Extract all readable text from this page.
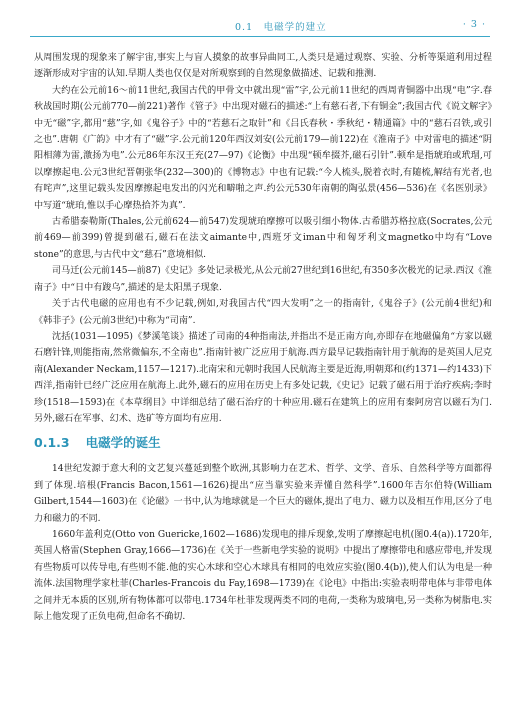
0.1　电磁学的建立	· 3 ·

从周围发现的现象来了解宇宙,事实上与盲人摸象的故事异曲同工,人类只是通过观察、实验、分析等渠道利用过程逐渐形成对宇宙的认知.早期人类也仅仅是对所观察到的自然现象做描述、记载和推测.

大约在公元前16～前11世纪,我国古代的甲骨文中就出现“雷”字,公元前11世纪的西周青铜器中出现“电”字.春秋战国时期(公元前770—前221)著作《管子》中出现对磁石的描述:“上有慈石者,下有铜金”;我国古代《说文解字》中无“磁”字,都用“慈”字,如《鬼谷子》中的“若慈石之取针”和《吕氏春秋・季秋纪・精通篇》中的“慈石召铁,或引之也”.唐朝《广韵》中才有了“磁”字.公元前120年西汉刘安(公元前179—前122)在《淮南子》中对雷电的描述“阴阳相薄为雷,激扬为电”.公元86年东汉王充(27—97)《论衡》中出现“顿牟掇芥,磁石引针”.顿牟是指琥珀或玳瑁,可以摩擦起电.公元3世纪晋朝张华(232—300)的《博物志》中也有记载:“今人梳头,脱着衣时,有随梳,解结有光者,也有咤声”,这里记载头发因摩擦起电发出的闪光和噼啪之声.约公元530年南朝的陶弘景(456—536)在《名医别录》中写道“琥珀,惟以手心摩热拾芥为真”.

古希腊泰勒斯(Thales,公元前624—前547)发现琥珀摩擦可以吸引细小物体.古希腊苏格拉底(Socrates,公元前469—前399)曾提到磁石,磁石在法文aimante中,西班牙文iman中和匈牙利文magnetko中均有“Love stone”的意思,与古代中文“慈石”意境相似.

司马迁(公元前145—前87)《史记》多处记录极光,从公元前27世纪到16世纪,有350多次极光的记录.西汉《淮南子》中“日中有踆乌”,描述的是太阳黑子现象.

关于古代电磁的应用也有不少记载,例如,对我国古代“四大发明”之一的指南针,《鬼谷子》(公元前4世纪)和《韩非子》(公元前3世纪)中称为“司南”.

沈括(1031—1095)《梦溪笔谈》描述了司南的4种指南法,并指出不是正南方向,亦即存在地磁偏角“方家以磁石磨针锋,则能指南,然常微偏东,不全南也”.指南针被广泛应用于航海.西方最早记载指南针用于航海的是英国人尼克南(Alexander Neckam,1157—1217).北南宋和元朝时我国人民航海主要是近海,明朝郑和(约1371—约1433)下西洋,指南针已经广泛应用在航海上.此外,磁石的应用在历史上有多处记载,《史记》记载了磁石用于治疗疾病;李时珍(1518—1593)在《本草纲目》中详细总结了磁石治疗的十种应用.磁石在建筑上的应用有秦阿房宫以磁石为门.另外,磁石在军事、幻术、选矿等方面均有应用.

0.1.3 电磁学的诞生

14世纪发源于意大利的文艺复兴蔓延到整个欧洲,其影响力在艺术、哲学、文学、音乐、自然科学等方面都得到了体现.培根(Francis Bacon,1561—1626)提出“应当靠实验来弄懂自然科学”.1600年吉尔伯特(William Gilbert,1544—1603)在《论磁》一书中,认为地球就是一个巨大的磁体,提出了电力、磁力以及相互作用,区分了电力和磁力的不同.

1660年盖利克(Otto von Guericke,1602—1686)发现电的排斥现象,发明了摩擦起电机(图0.4(a)).1720年,英国人格雷(Stephen Gray,1666—1736)在《关于一些新电学实验的说明》中提出了摩擦带电和感应带电,并发现有些物质可以传导电,有些则不能.他的实心木球和空心木球具有相同的电效应实验(图0.4(b)),使人们认为电是一种流体.法国物理学家杜菲(Charles-Francois du Fay,1698—1739)在《论电》中指出:实验表明带电体与非带电体之间并无本质的区别,所有物体都可以带电.1734年杜菲发现两类不同的电荷,一类称为玻璃电,另一类称为树脂电.实际上他发现了正负电荷,但命名不确切.
